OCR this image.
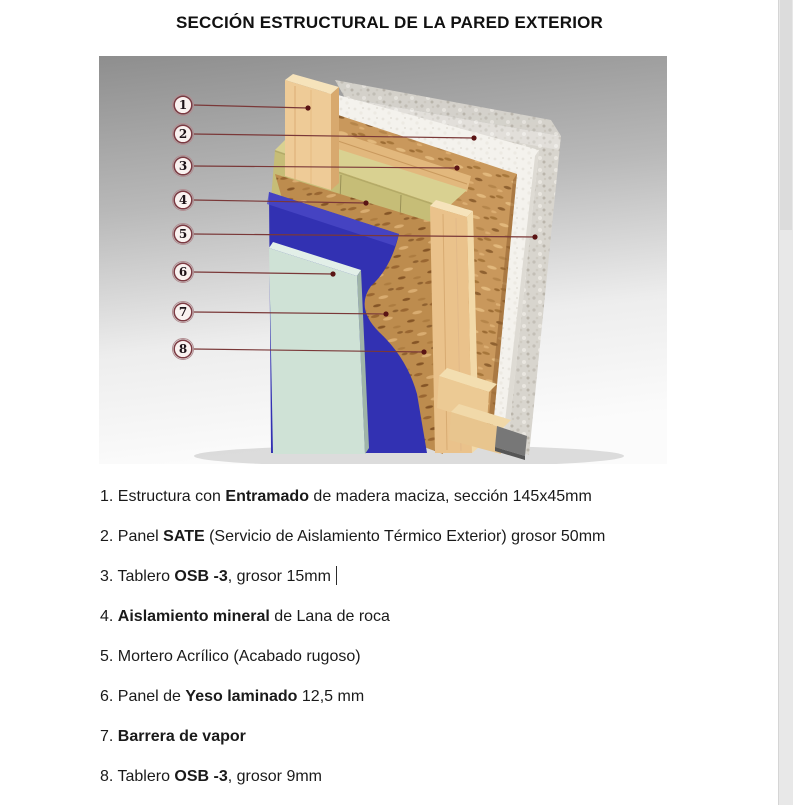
SECCIÓN ESTRUCTURAL DE LA PARED EXTERIOR
1
2
3
4
5
6
7
8
1. Estructura con Entramado de madera maciza, sección 145x45mm
2. Panel SATE (Servicio de Aislamiento Térmico Exterior) grosor 50mm
3. Tablero OSB -3, grosor 15mm
4. Aislamiento mineral de Lana de roca
5. Mortero Acrílico (Acabado rugoso)
6. Panel de Yeso laminado 12,5 mm
7. Barrera de vapor
8. Tablero OSB -3, grosor 9mm
